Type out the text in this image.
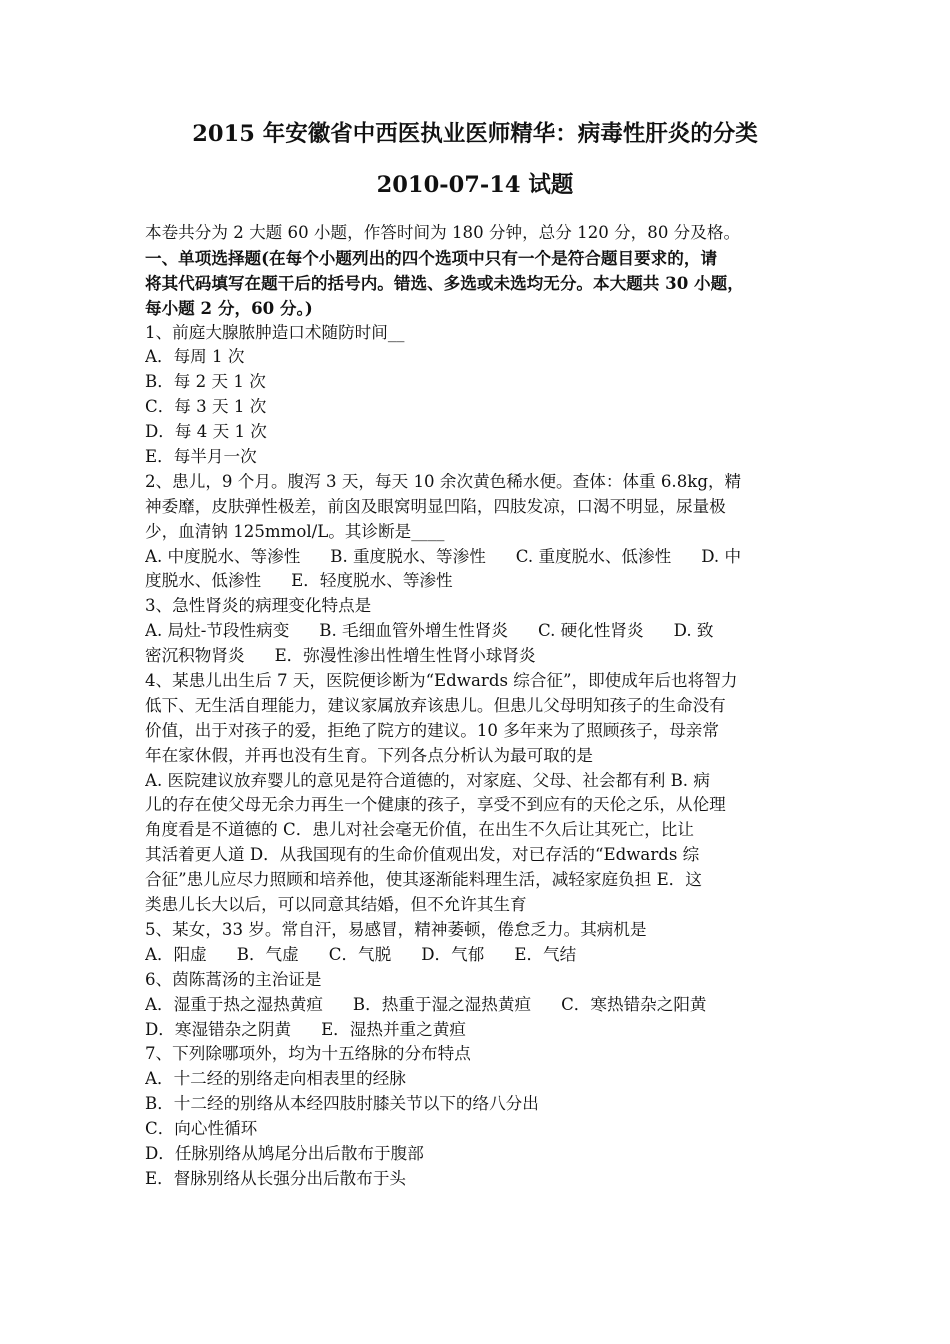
2015 年安徽省中西医执业医师精华：病毒性肝炎的分类
2010-07-14 试题
本卷共分为 2 大题 60 小题，作答时间为 180 分钟，总分 120 分，80 分及格。
一、单项选择题(在每个小题列出的四个选项中只有一个是符合题目要求的，请
将其代码填写在题干后的括号内。错选、多选或未选均无分。本大题共 30 小题，
每小题 2 分，60 分。)
1、前庭大腺脓肿造口术随防时间__
A．每周 1 次
B．每 2 天 1 次
C．每 3 天 1 次
D．每 4 天 1 次
E．每半月一次
2、患儿，9 个月。腹泻 3 天，每天 10 余次黄色稀水便。查体：体重 6.8kg，精
神委靡，皮肤弹性极差，前囟及眼窝明显凹陷，四肢发凉，口渴不明显，尿量极
少，血清钠 125mmol/L。其诊断是____
A. 中度脱水、等渗性 B. 重度脱水、等渗性 C. 重度脱水、低渗性 D. 中
度脱水、低渗性 E．轻度脱水、等渗性
3、急性肾炎的病理变化特点是
A. 局灶-节段性病变 B. 毛细血管外增生性肾炎 C. 硬化性肾炎 D. 致
密沉积物肾炎 E．弥漫性渗出性增生性肾小球肾炎
4、某患儿出生后 7 天，医院便诊断为“Edwards 综合征”，即使成年后也将智力
低下、无生活自理能力，建议家属放弃该患儿。但患儿父母明知孩子的生命没有
价值，出于对孩子的爱，拒绝了院方的建议。10 多年来为了照顾孩子，母亲常
年在家休假，并再也没有生育。下列各点分析认为最可取的是
A. 医院建议放弃婴儿的意见是符合道德的，对家庭、父母、社会都有利 B. 病
儿的存在使父母无余力再生一个健康的孩子，享受不到应有的天伦之乐，从伦理
角度看是不道德的 C．患儿对社会毫无价值，在出生不久后让其死亡，比让
其活着更人道 D．从我国现有的生命价值观出发，对已存活的“Edwards 综
合征”患儿应尽力照顾和培养他，使其逐渐能料理生活，减轻家庭负担 E．这
类患儿长大以后，可以同意其结婚，但不允许其生育
5、某女，33 岁。常自汗，易感冒，精神萎顿，倦怠乏力。其病机是
A．阳虚 B．气虚 C．气脱 D．气郁 E．气结
6、茵陈蒿汤的主治证是
A．湿重于热之湿热黄疸 B．热重于湿之湿热黄疸 C．寒热错杂之阳黄
D．寒湿错杂之阴黄 E．湿热并重之黄疸
7、下列除哪项外，均为十五络脉的分布特点
A．十二经的别络走向相表里的经脉
B．十二经的别络从本经四肢肘膝关节以下的络八分出
C．向心性循环
D．任脉别络从鸠尾分出后散布于腹部
E．督脉别络从长强分出后散布于头
